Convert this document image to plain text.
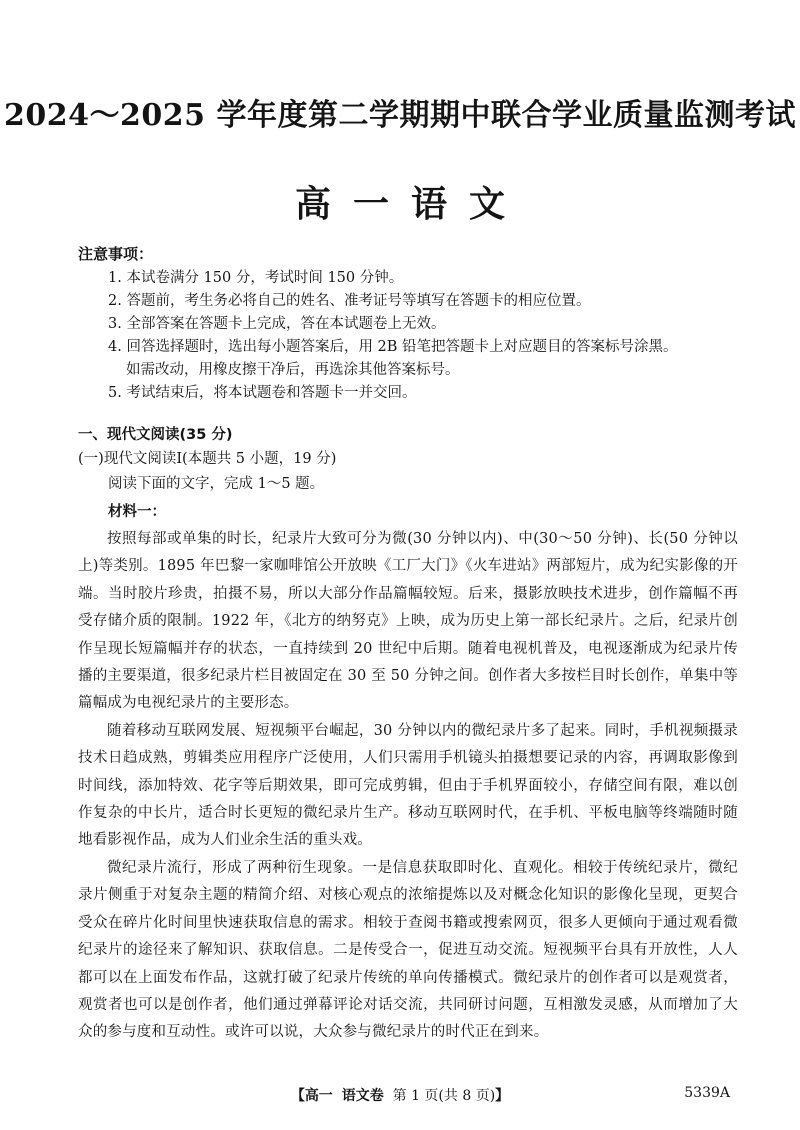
2024～2025 学年度第二学期期中联合学业质量监测考试
高一语文
注意事项：
1. 本试卷满分 150 分，考试时间 150 分钟。
2. 答题前，考生务必将自己的姓名、准考证号等填写在答题卡的相应位置。
3. 全部答案在答题卡上完成，答在本试题卷上无效。
4. 回答选择题时，选出每小题答案后，用 2B 铅笔把答题卡上对应题目的答案标号涂黑。
如需改动，用橡皮擦干净后，再选涂其他答案标号。
5. 考试结束后，将本试题卷和答题卡一并交回。
一、现代文阅读(35 分)
(一)现代文阅读Ⅰ(本题共 5 小题，19 分)
阅读下面的文字，完成 1～5 题。
材料一：

按照每部或单集的时长，纪录片大致可分为微(30 分钟以内)、中(30～50 分钟)、长(50 分钟以上)等类别。1895 年巴黎一家咖啡馆公开放映《工厂大门》《火车进站》两部短片，成为纪实影像的开端。当时胶片珍贵，拍摄不易，所以大部分作品篇幅较短。后来，摄影放映技术进步，创作篇幅不再受存储介质的限制。1922 年，《北方的纳努克》上映，成为历史上第一部长纪录片。之后，纪录片创作呈现长短篇幅并存的状态，一直持续到 20 世纪中后期。随着电视机普及，电视逐渐成为纪录片传播的主要渠道，很多纪录片栏目被固定在 30 至 50 分钟之间。创作者大多按栏目时长创作，单集中等篇幅成为电视纪录片的主要形态。

随着移动互联网发展、短视频平台崛起，30 分钟以内的微纪录片多了起来。同时，手机视频摄录技术日趋成熟，剪辑类应用程序广泛使用，人们只需用手机镜头拍摄想要记录的内容，再调取影像到时间线，添加特效、花字等后期效果，即可完成剪辑，但由于手机界面较小，存储空间有限，难以创作复杂的中长片，适合时长更短的微纪录片生产。移动互联网时代，在手机、平板电脑等终端随时随地看影视作品，成为人们业余生活的重头戏。

微纪录片流行，形成了两种衍生现象。一是信息获取即时化、直观化。相较于传统纪录片，微纪录片侧重于对复杂主题的精简介绍、对核心观点的浓缩提炼以及对概念化知识的影像化呈现，更契合受众在碎片化时间里快速获取信息的需求。相较于查阅书籍或搜索网页，很多人更倾向于通过观看微纪录片的途径来了解知识、获取信息。二是传受合一，促进互动交流。短视频平台具有开放性，人人都可以在上面发布作品，这就打破了纪录片传统的单向传播模式。微纪录片的创作者可以是观赏者，观赏者也可以是创作者，他们通过弹幕评论对话交流，共同研讨问题，互相激发灵感，从而增加了大众的参与度和互动性。或许可以说，大众参与微纪录片的时代正在到来。

【高一 语文卷 第 1 页(共 8 页)】	5339A
